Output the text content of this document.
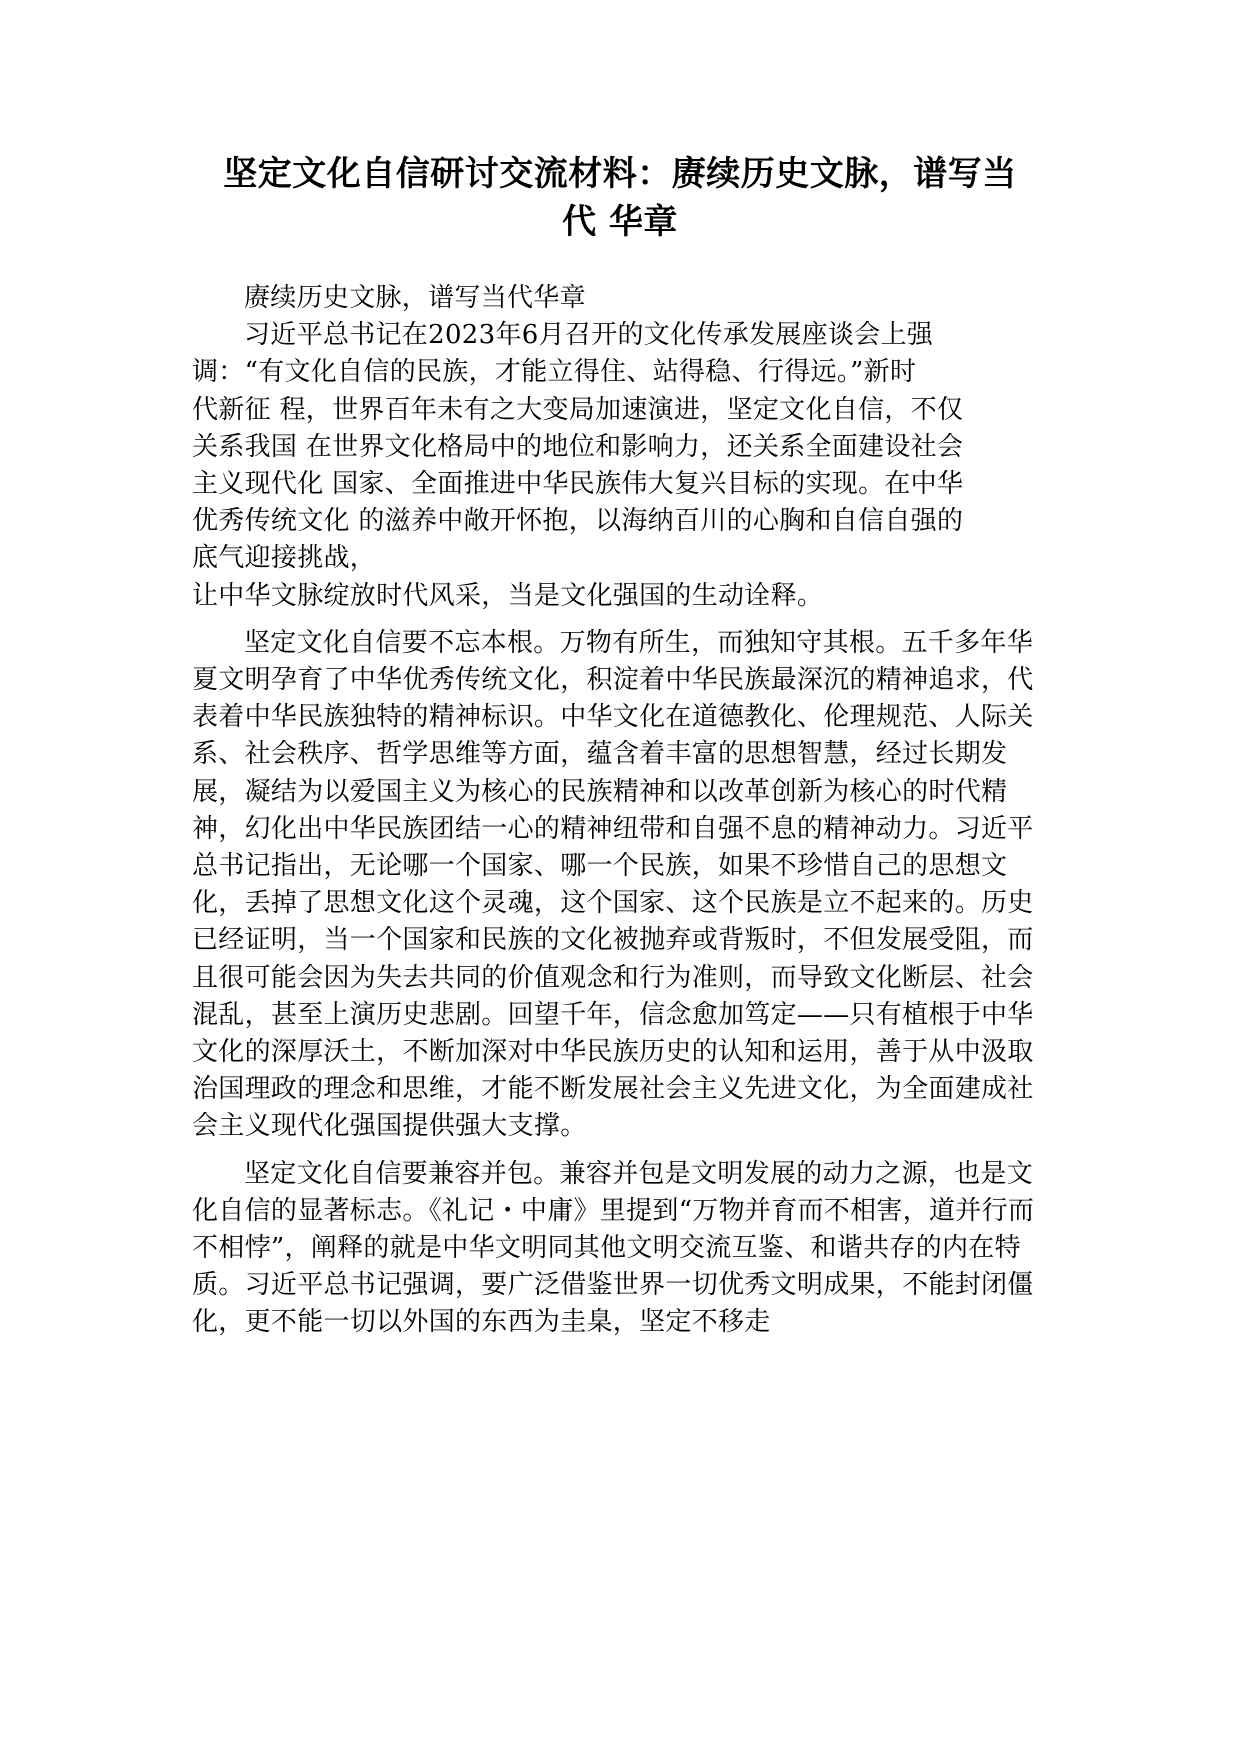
坚定文化自信研讨交流材料：赓续历史文脉，谱写当
代 华章

赓续历史文脉，谱写当代华章

习近平总书记在2023年6月召开的文化传承发展座谈会上强
调：“有文化自信的民族，才能立得住、站得稳、行得远。”新时
代新征 程，世界百年未有之大变局加速演进，坚定文化自信，不仅
关系我国 在世界文化格局中的地位和影响力，还关系全面建设社会
主义现代化 国家、全面推进中华民族伟大复兴目标的实现。在中华
优秀传统文化 的滋养中敞开怀抱，以海纳百川的心胸和自信自强的
底气迎接挑战，

让中华文脉绽放时代风采，当是文化强国的生动诠释。

坚定文化自信要不忘本根。万物有所生，而独知守其根。五千多年华夏文明孕育了中华优秀传统文化，积淀着中华民族最深沉的精神追求，代表着中华民族独特的精神标识。中华文化在道德教化、伦理规范、人际关系、社会秩序、哲学思维等方面，蕴含着丰富的思想智慧，经过长期发展，凝结为以爱国主义为核心的民族精神和以改革创新为核心的时代精神，幻化出中华民族团结一心的精神纽带和自强不息的精神动力。习近平总书记指出，无论哪一个国家、哪一个民族，如果不珍惜自己的思想文化，丢掉了思想文化这个灵魂，这个国家、这个民族是立不起来的。历史已经证明，当一个国家和民族的文化被抛弃或背叛时，不但发展受阻，而且很可能会因为失去共同的价值观念和行为准则，而导致文化断层、社会混乱，甚至上演历史悲剧。回望千年，信念愈加笃定——只有植根于中华文化的深厚沃土，不断加深对中华民族历史的认知和运用，善于从中汲取治国理政的理念和思维，才能不断发展社会主义先进文化，为全面建成社会主义现代化强国提供强大支撑。

坚定文化自信要兼容并包。兼容并包是文明发展的动力之源，也是文化自信的显著标志。《礼记・中庸》里提到“万物并育而不相害，道并行而不相悖”，阐释的就是中华文明同其他文明交流互鉴、和谐共存的内在特质。习近平总书记强调，要广泛借鉴世界一切优秀文明成果，不能封闭僵化，更不能一切以外国的东西为圭臬，坚定不移走
